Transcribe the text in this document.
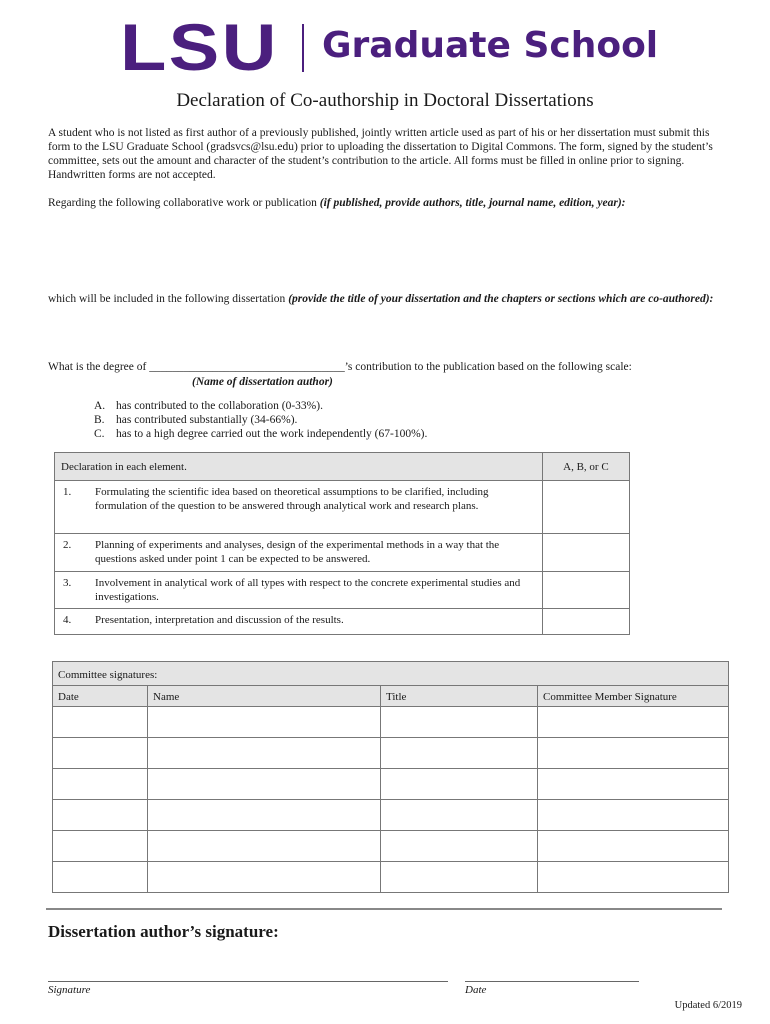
LSU Graduate School
Declaration of Co-authorship in Doctoral Dissertations
A student who is not listed as first author of a previously published, jointly written article used as part of his or her dissertation must submit this form to the LSU Graduate School (gradsvcs@lsu.edu) prior to uploading the dissertation to Digital Commons. The form, signed by the student’s committee, sets out the amount and character of the student’s contribution to the article. All forms must be filled in online prior to signing. Handwritten forms are not accepted.
Regarding the following collaborative work or publication (if published, provide authors, title, journal name, edition, year):
which will be included in the following dissertation (provide the title of your dissertation and the chapters or sections which are co-authored):
What is the degree of __________________________________’s contribution to the publication based on the following scale:
(Name of dissertation author)
A. has contributed to the collaboration (0-33%).
B. has contributed substantially (34-66%).
C. has to a high degree carried out the work independently (67-100%).
Declaration in each element.		A, B, or C
1.	Formulating the scientific idea based on theoretical assumptions to be clarified, including formulation of the question to be answered through analytical work and research plans.	
2.	Planning of experiments and analyses, design of the experimental methods in a way that the questions asked under point 1 can be expected to be answered.	
3.	Involvement in analytical work of all types with respect to the concrete experimental studies and investigations.	
4.	Presentation, interpretation and discussion of the results.	
Committee signatures:			
Date	Name	Title	Committee Member Signature

Dissertation author’s signature:
Signature	Date
Updated 6/2019
